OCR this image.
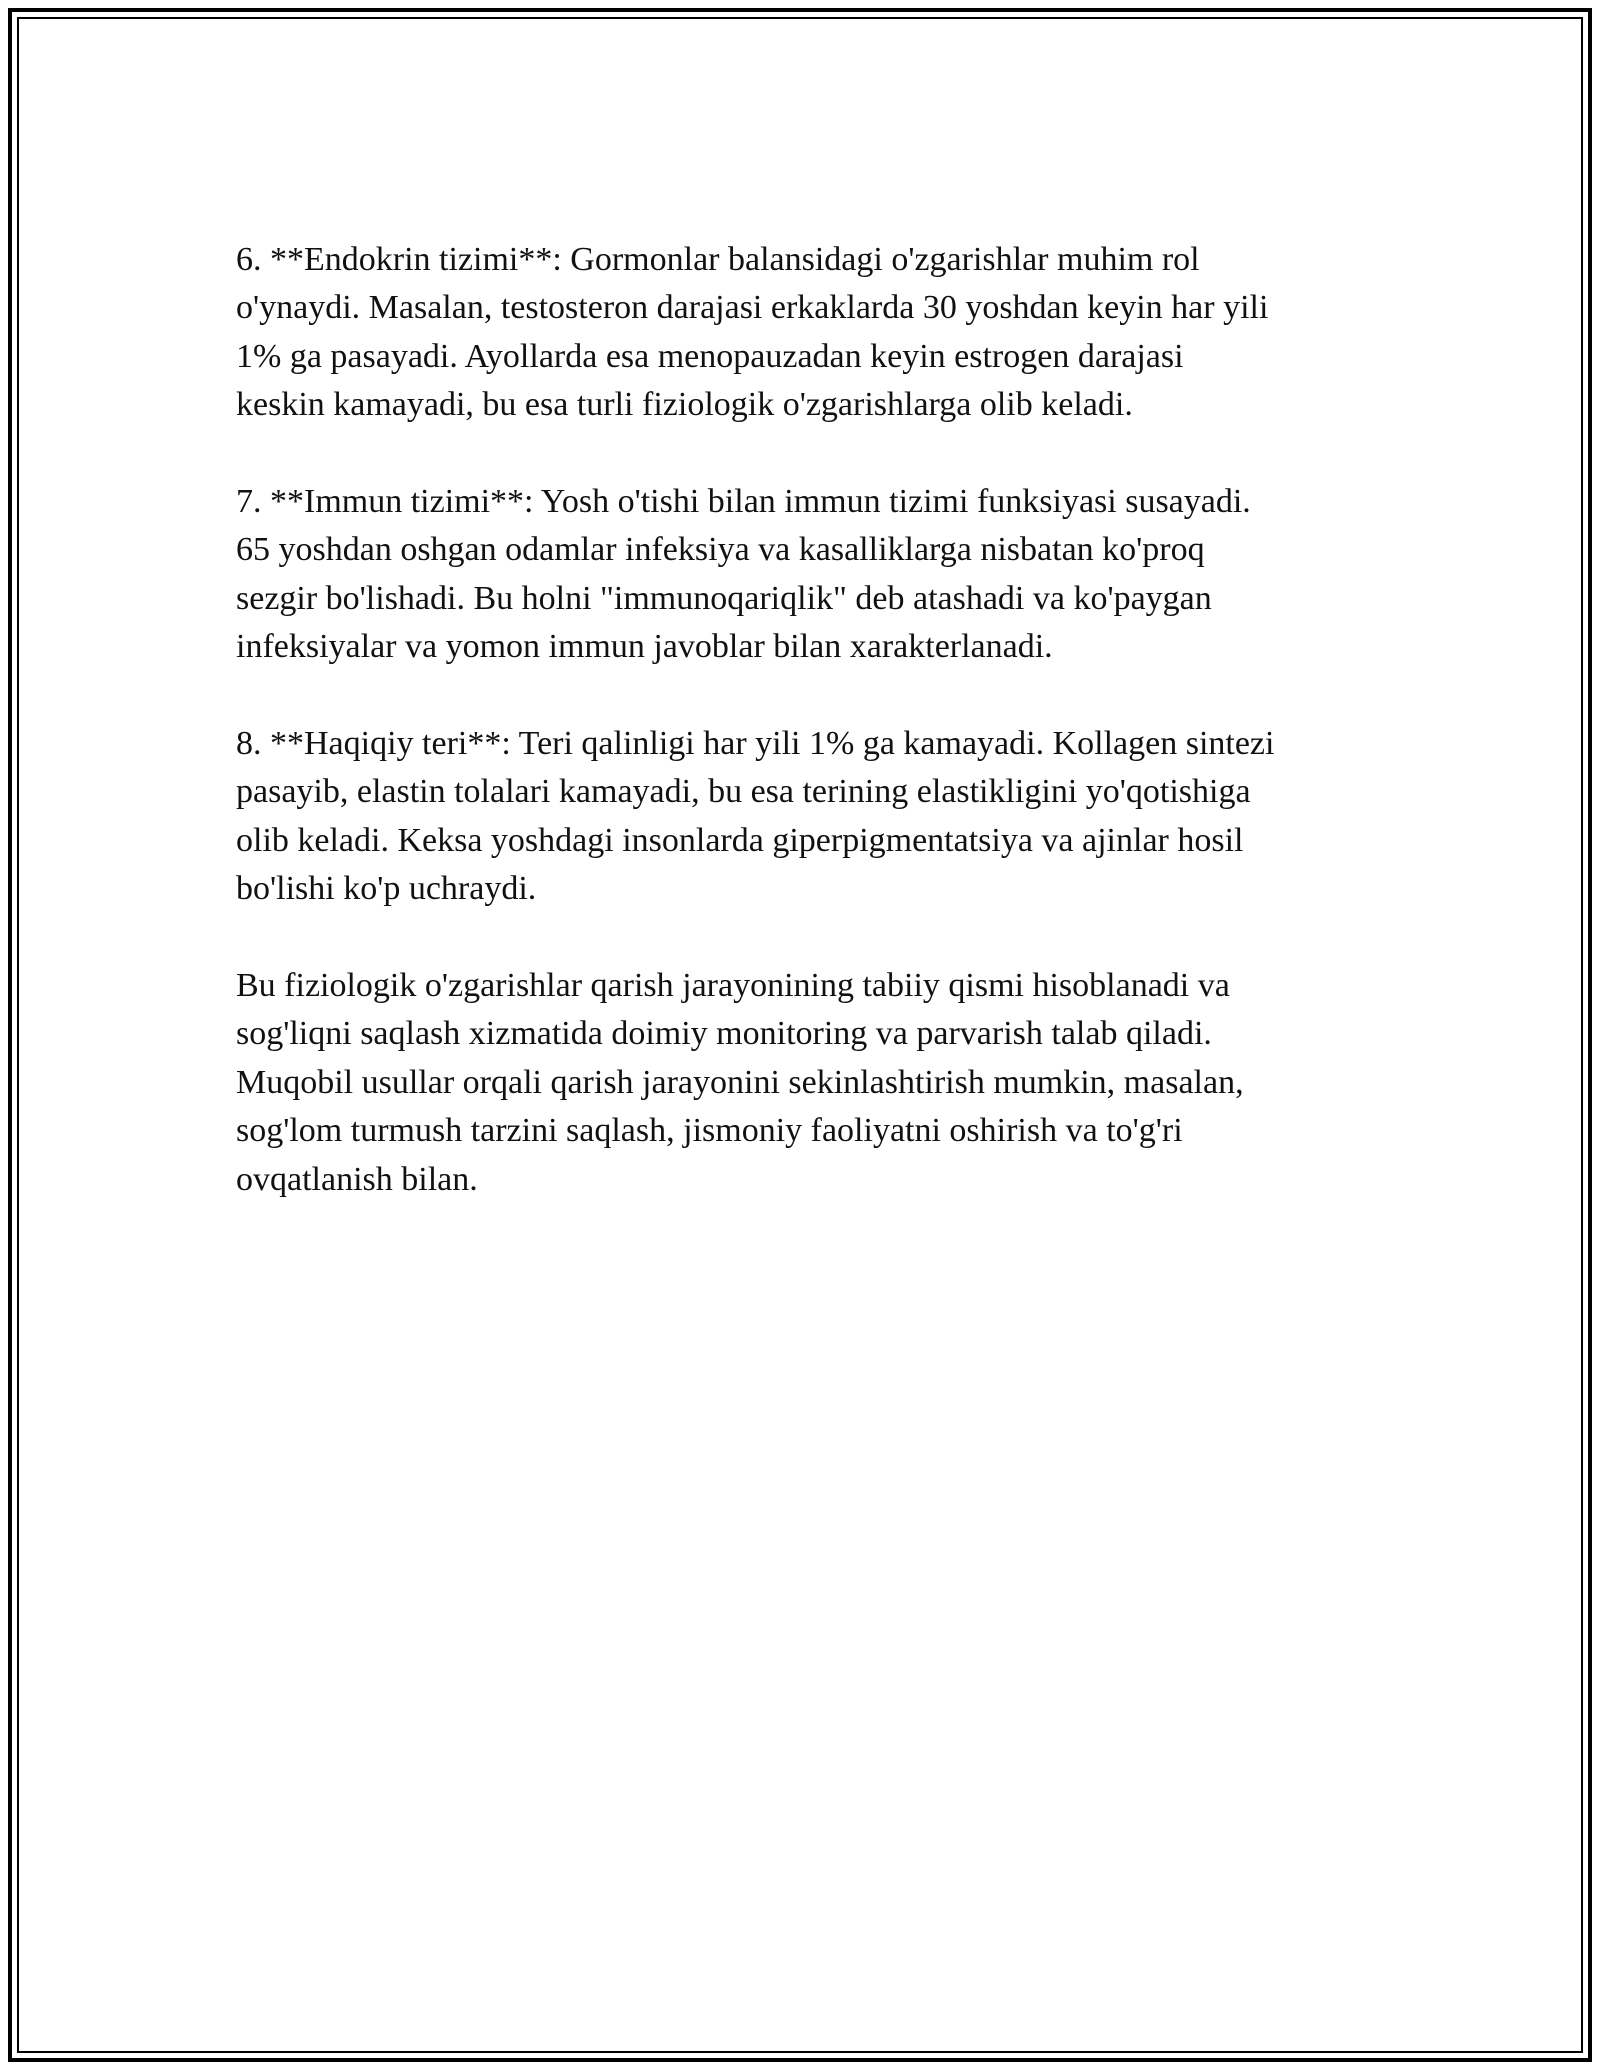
6. **Endokrin tizimi**: Gormonlar balansidagi o'zgarishlar muhim rol
o'ynaydi. Masalan, testosteron darajasi erkaklarda 30 yoshdan keyin har yili
1% ga pasayadi. Ayollarda esa menopauzadan keyin estrogen darajasi
keskin kamayadi, bu esa turli fiziologik o'zgarishlarga olib keladi.

7. **Immun tizimi**: Yosh o'tishi bilan immun tizimi funksiyasi susayadi.
65 yoshdan oshgan odamlar infeksiya va kasalliklarga nisbatan ko'proq
sezgir bo'lishadi. Bu holni "immunoqariqlik" deb atashadi va ko'paygan
infeksiyalar va yomon immun javoblar bilan xarakterlanadi.

8. **Haqiqiy teri**: Teri qalinligi har yili 1% ga kamayadi. Kollagen sintezi
pasayib, elastin tolalari kamayadi, bu esa terining elastikligini yo'qotishiga
olib keladi. Keksa yoshdagi insonlarda giperpigmentatsiya va ajinlar hosil
bo'lishi ko'p uchraydi.

Bu fiziologik o'zgarishlar qarish jarayonining tabiiy qismi hisoblanadi va
sog'liqni saqlash xizmatida doimiy monitoring va parvarish talab qiladi.
Muqobil usullar orqali qarish jarayonini sekinlashtirish mumkin, masalan,
sog'lom turmush tarzini saqlash, jismoniy faoliyatni oshirish va to'g'ri
ovqatlanish bilan.
